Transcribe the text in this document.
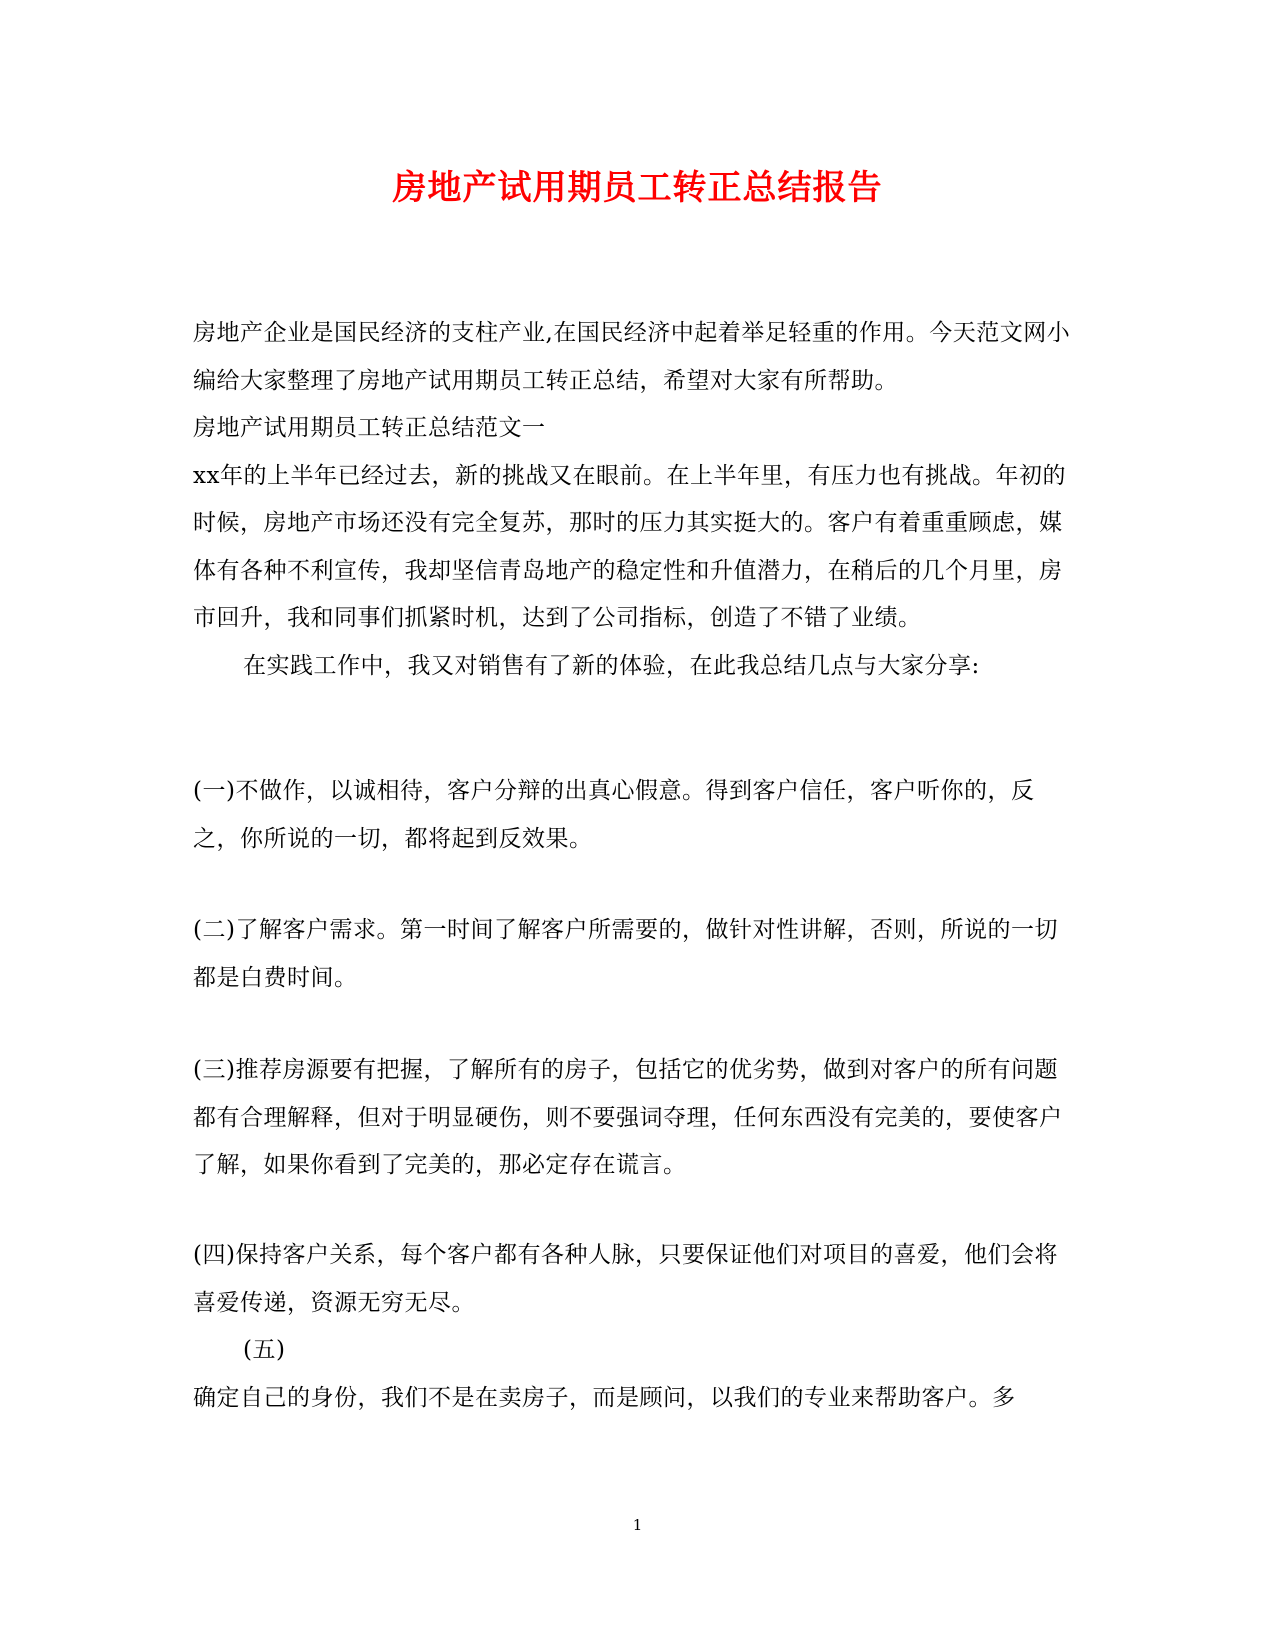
房地产试用期员工转正总结报告

房地产企业是国民经济的支柱产业,在国民经济中起着举足轻重的作用。今天范文网小编给大家整理了房地产试用期员工转正总结，希望对大家有所帮助。

房地产试用期员工转正总结范文一

xx年的上半年已经过去，新的挑战又在眼前。在上半年里，有压力也有挑战。年初的时候，房地产市场还没有完全复苏，那时的压力其实挺大的。客户有着重重顾虑，媒体有各种不利宣传，我却坚信青岛地产的稳定性和升值潜力，在稍后的几个月里，房市回升，我和同事们抓紧时机，达到了公司指标，创造了不错了业绩。

在实践工作中，我又对销售有了新的体验，在此我总结几点与大家分享:

(一)不做作，以诚相待，客户分辩的出真心假意。得到客户信任，客户听你的，反之，你所说的一切，都将起到反效果。

(二)了解客户需求。第一时间了解客户所需要的，做针对性讲解，否则，所说的一切都是白费时间。

(三)推荐房源要有把握，了解所有的房子，包括它的优劣势，做到对客户的所有问题都有合理解释，但对于明显硬伤，则不要强词夺理，任何东西没有完美的，要使客户了解，如果你看到了完美的，那必定存在谎言。

(四)保持客户关系，每个客户都有各种人脉，只要保证他们对项目的喜爱，他们会将喜爱传递，资源无穷无尽。

(五)

确定自己的身份，我们不是在卖房子，而是顾问，以我们的专业来帮助客户。多

1
